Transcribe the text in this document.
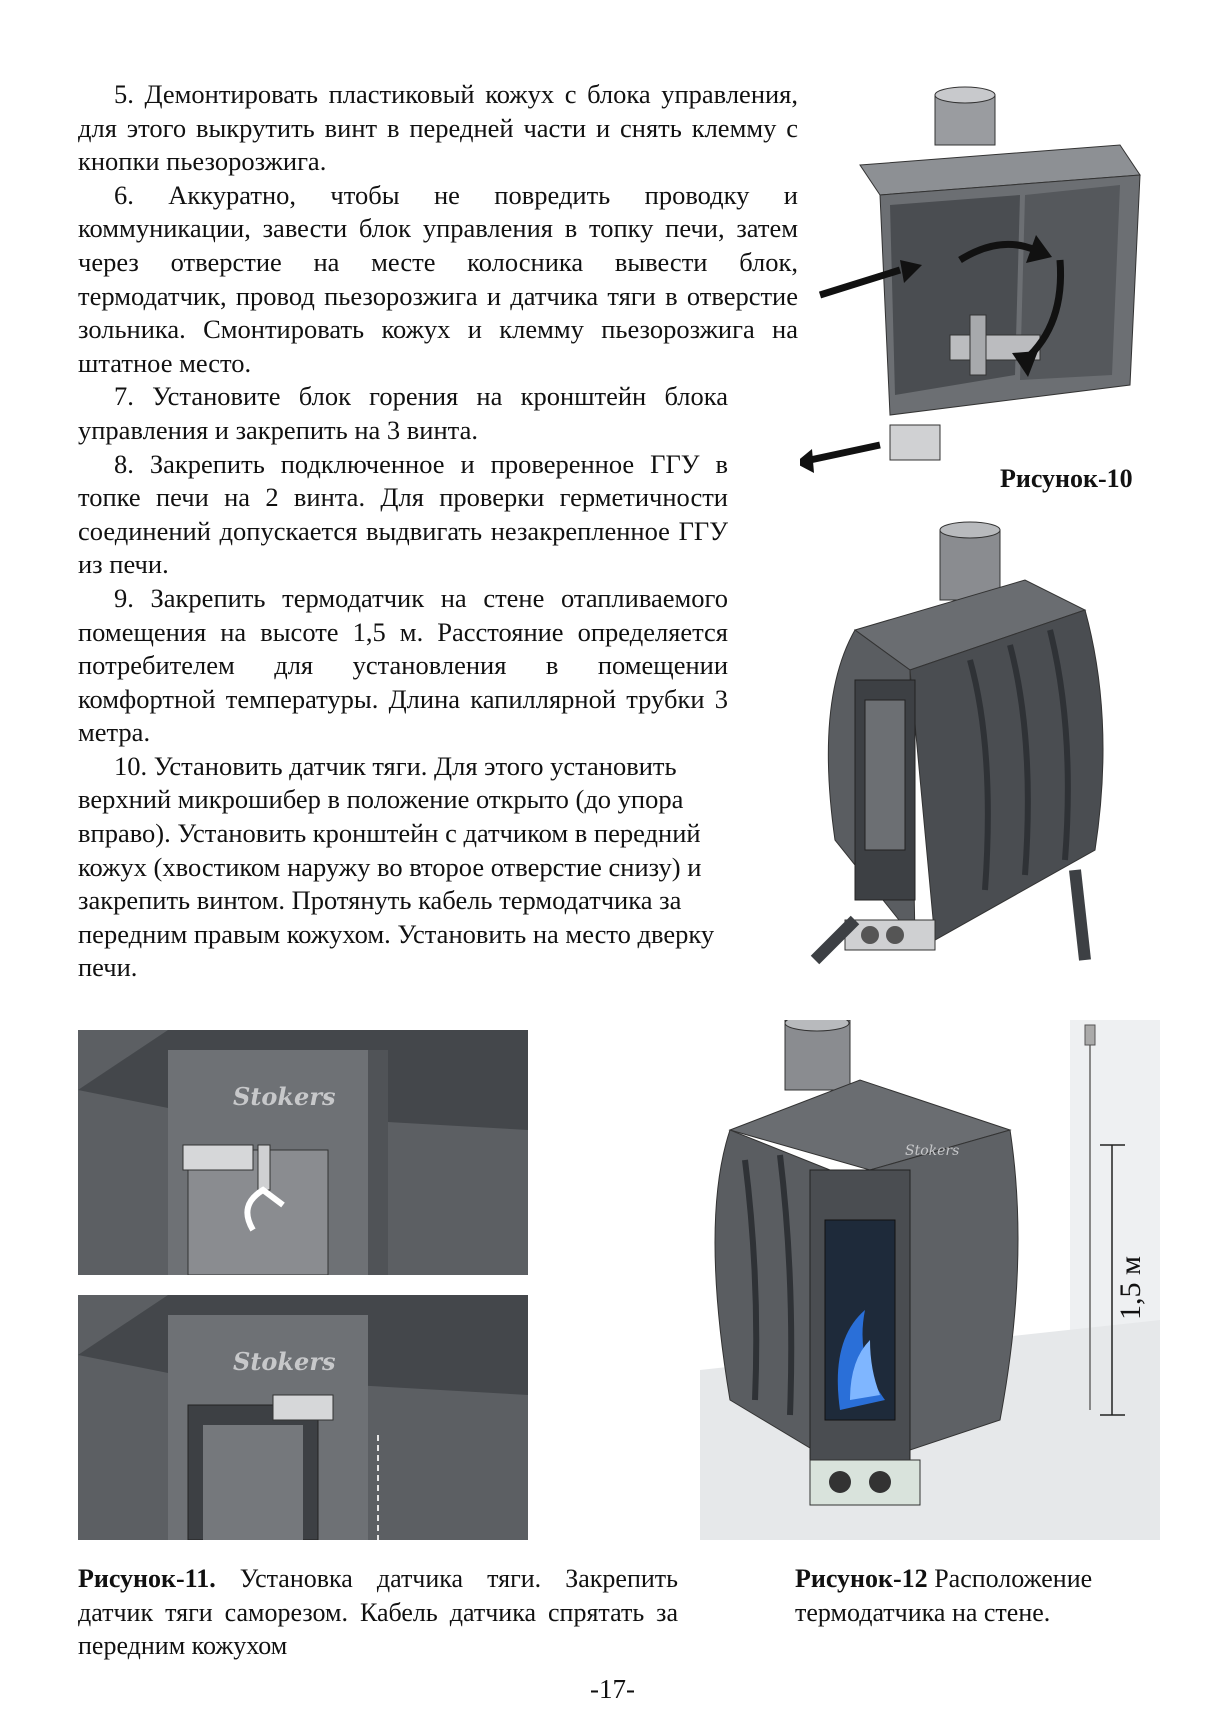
5. Демонтировать пластиковый кожух с блока управления, для этого выкрутить винт в передней части и снять клемму с кнопки пьезорозжига.

6. Аккуратно, чтобы не повредить проводку и коммуникации, завести блок управления в топку печи, затем через отверстие на месте колосника вывести блок, термодатчик, провод пьезорозжига и датчика тяги в отверстие зольника. Смонтировать кожух и клемму пьезорозжига на штатное место.

7. Установите блок горения на кронштейн блока управления и закрепить на 3 винта.

8. Закрепить подключенное и проверенное ГГУ в топке печи на 2 винта. Для проверки герметичности соединений допускается выдвигать незакрепленное ГГУ из печи.

9. Закрепить термодатчик на стене отапливаемого помещения на высоте 1,5 м. Расстояние определяется потребителем для установления в помещении комфортной температуры. Длина капиллярной трубки 3 метра.

10. Установить датчик тяги. Для этого установить верхний микрошибер в положение открыто (до упора вправо). Установить кронштейн с датчиком в передний кожух (хвостиком наружу во второе отверстие снизу) и закрепить винтом. Протянуть кабель термодатчика за передним правым кожухом. Установить на место дверку печи.

Рисунок-10
Stokers
Stokers
Рисунок-11. Установка датчика тяги. Закрепить датчик тяги саморезом. Кабель датчика спрятать за передним кожухом
1,5 м
Stokers
Рисунок-12 Расположение термодатчика на стене.
-17-
